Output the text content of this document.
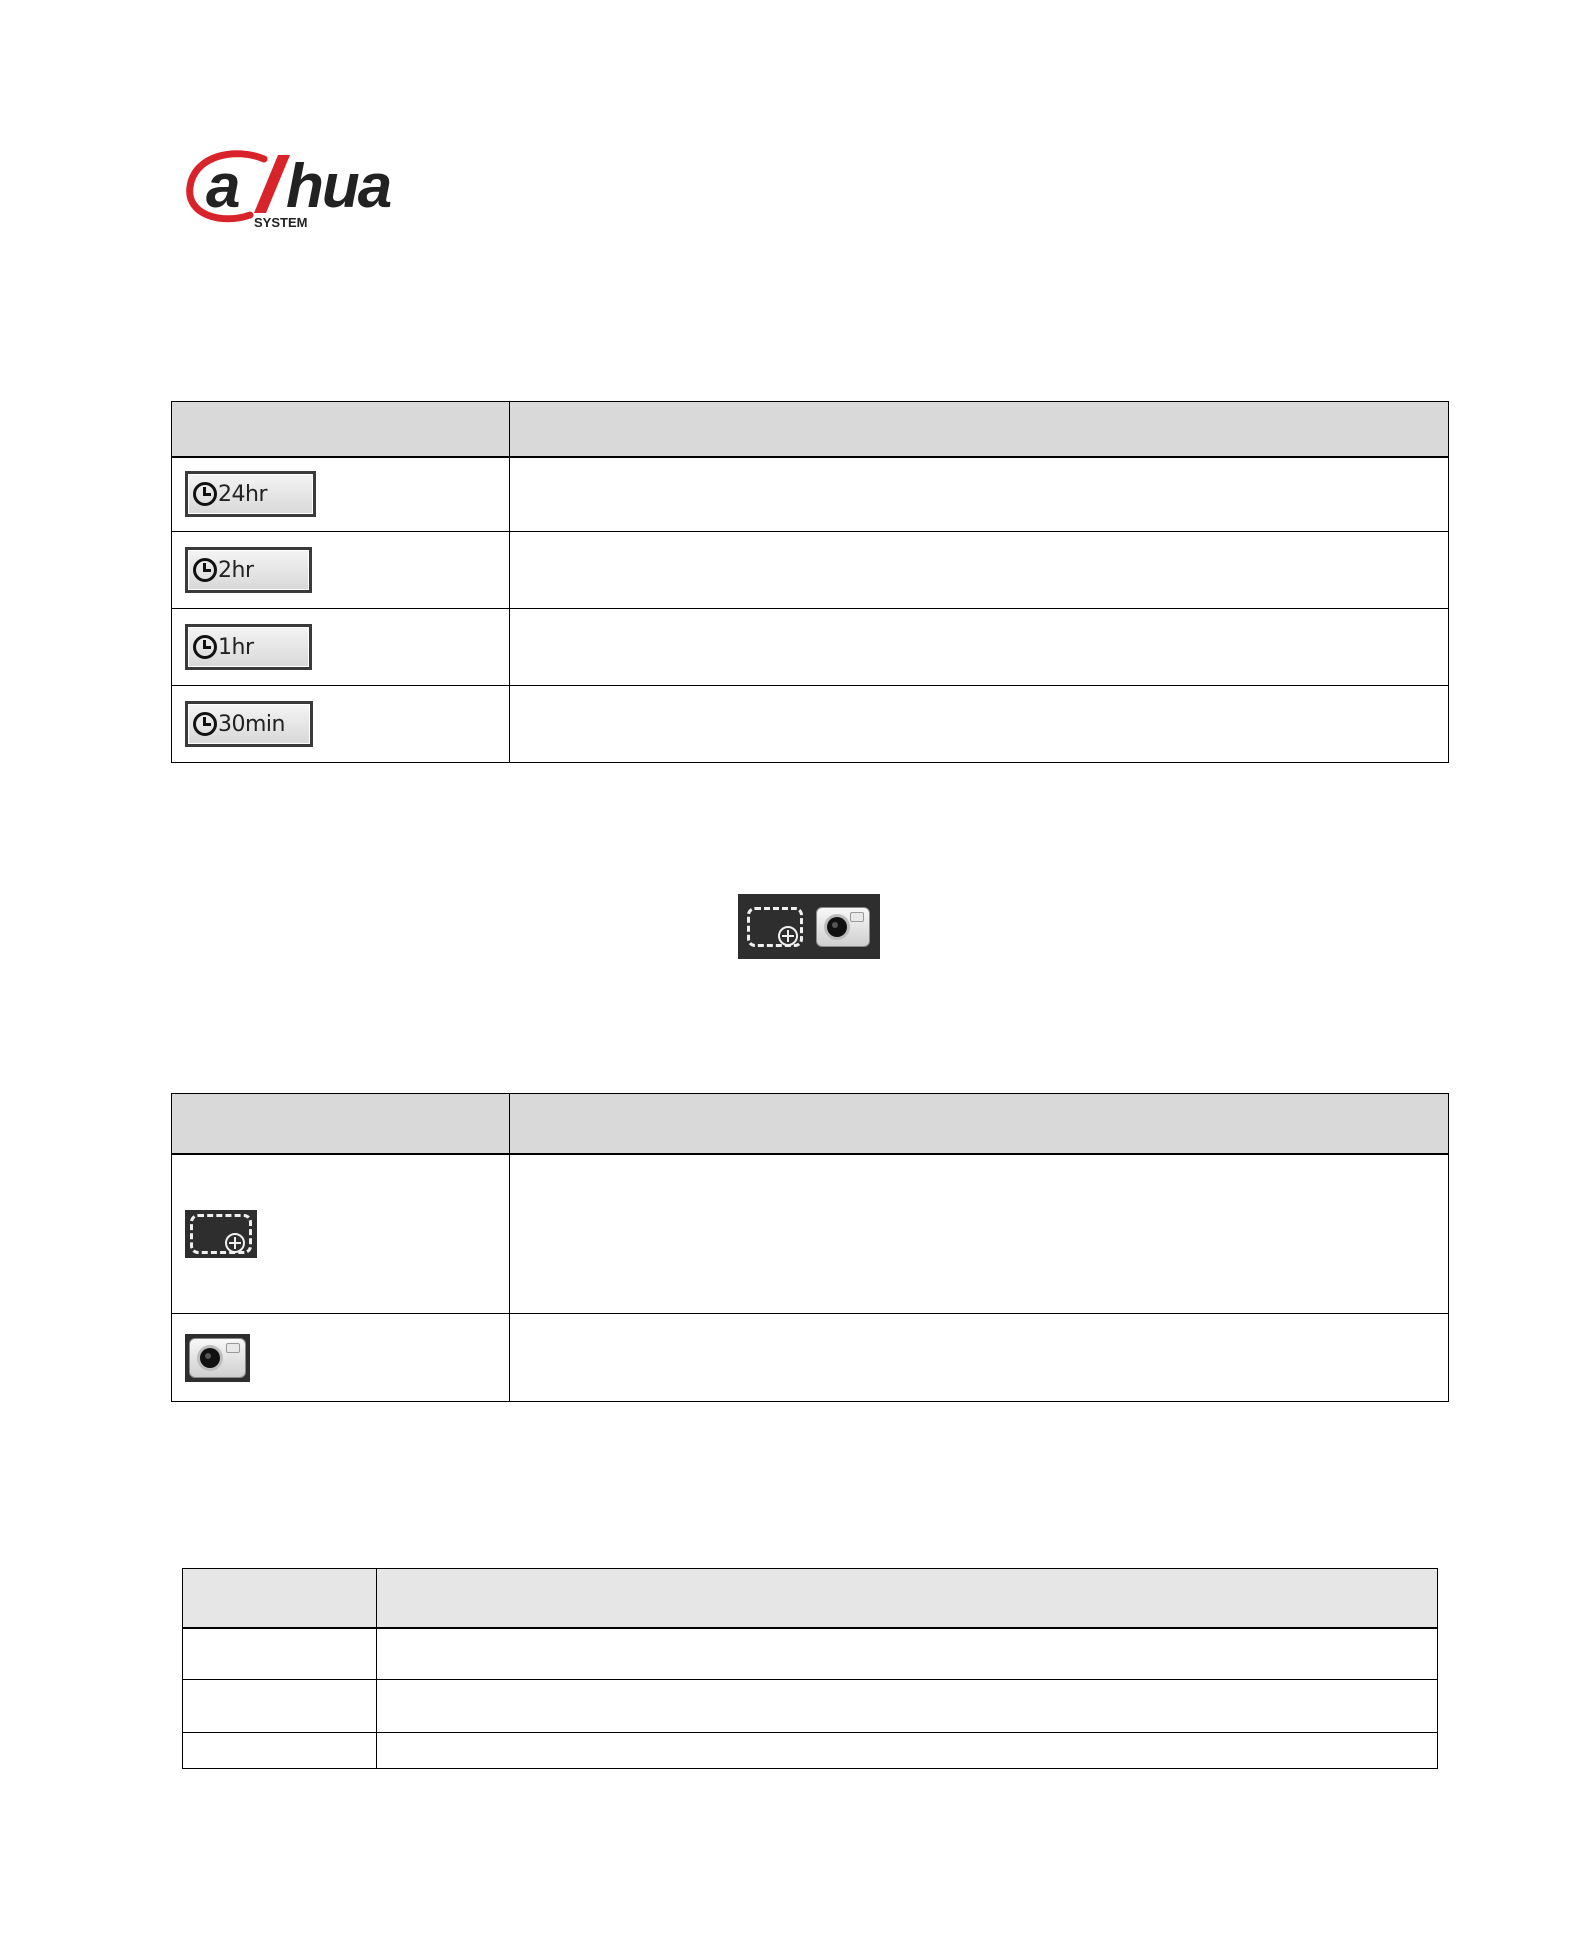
a hua
SYSTEM

24hr	

2hr	

1hr	

30min	
